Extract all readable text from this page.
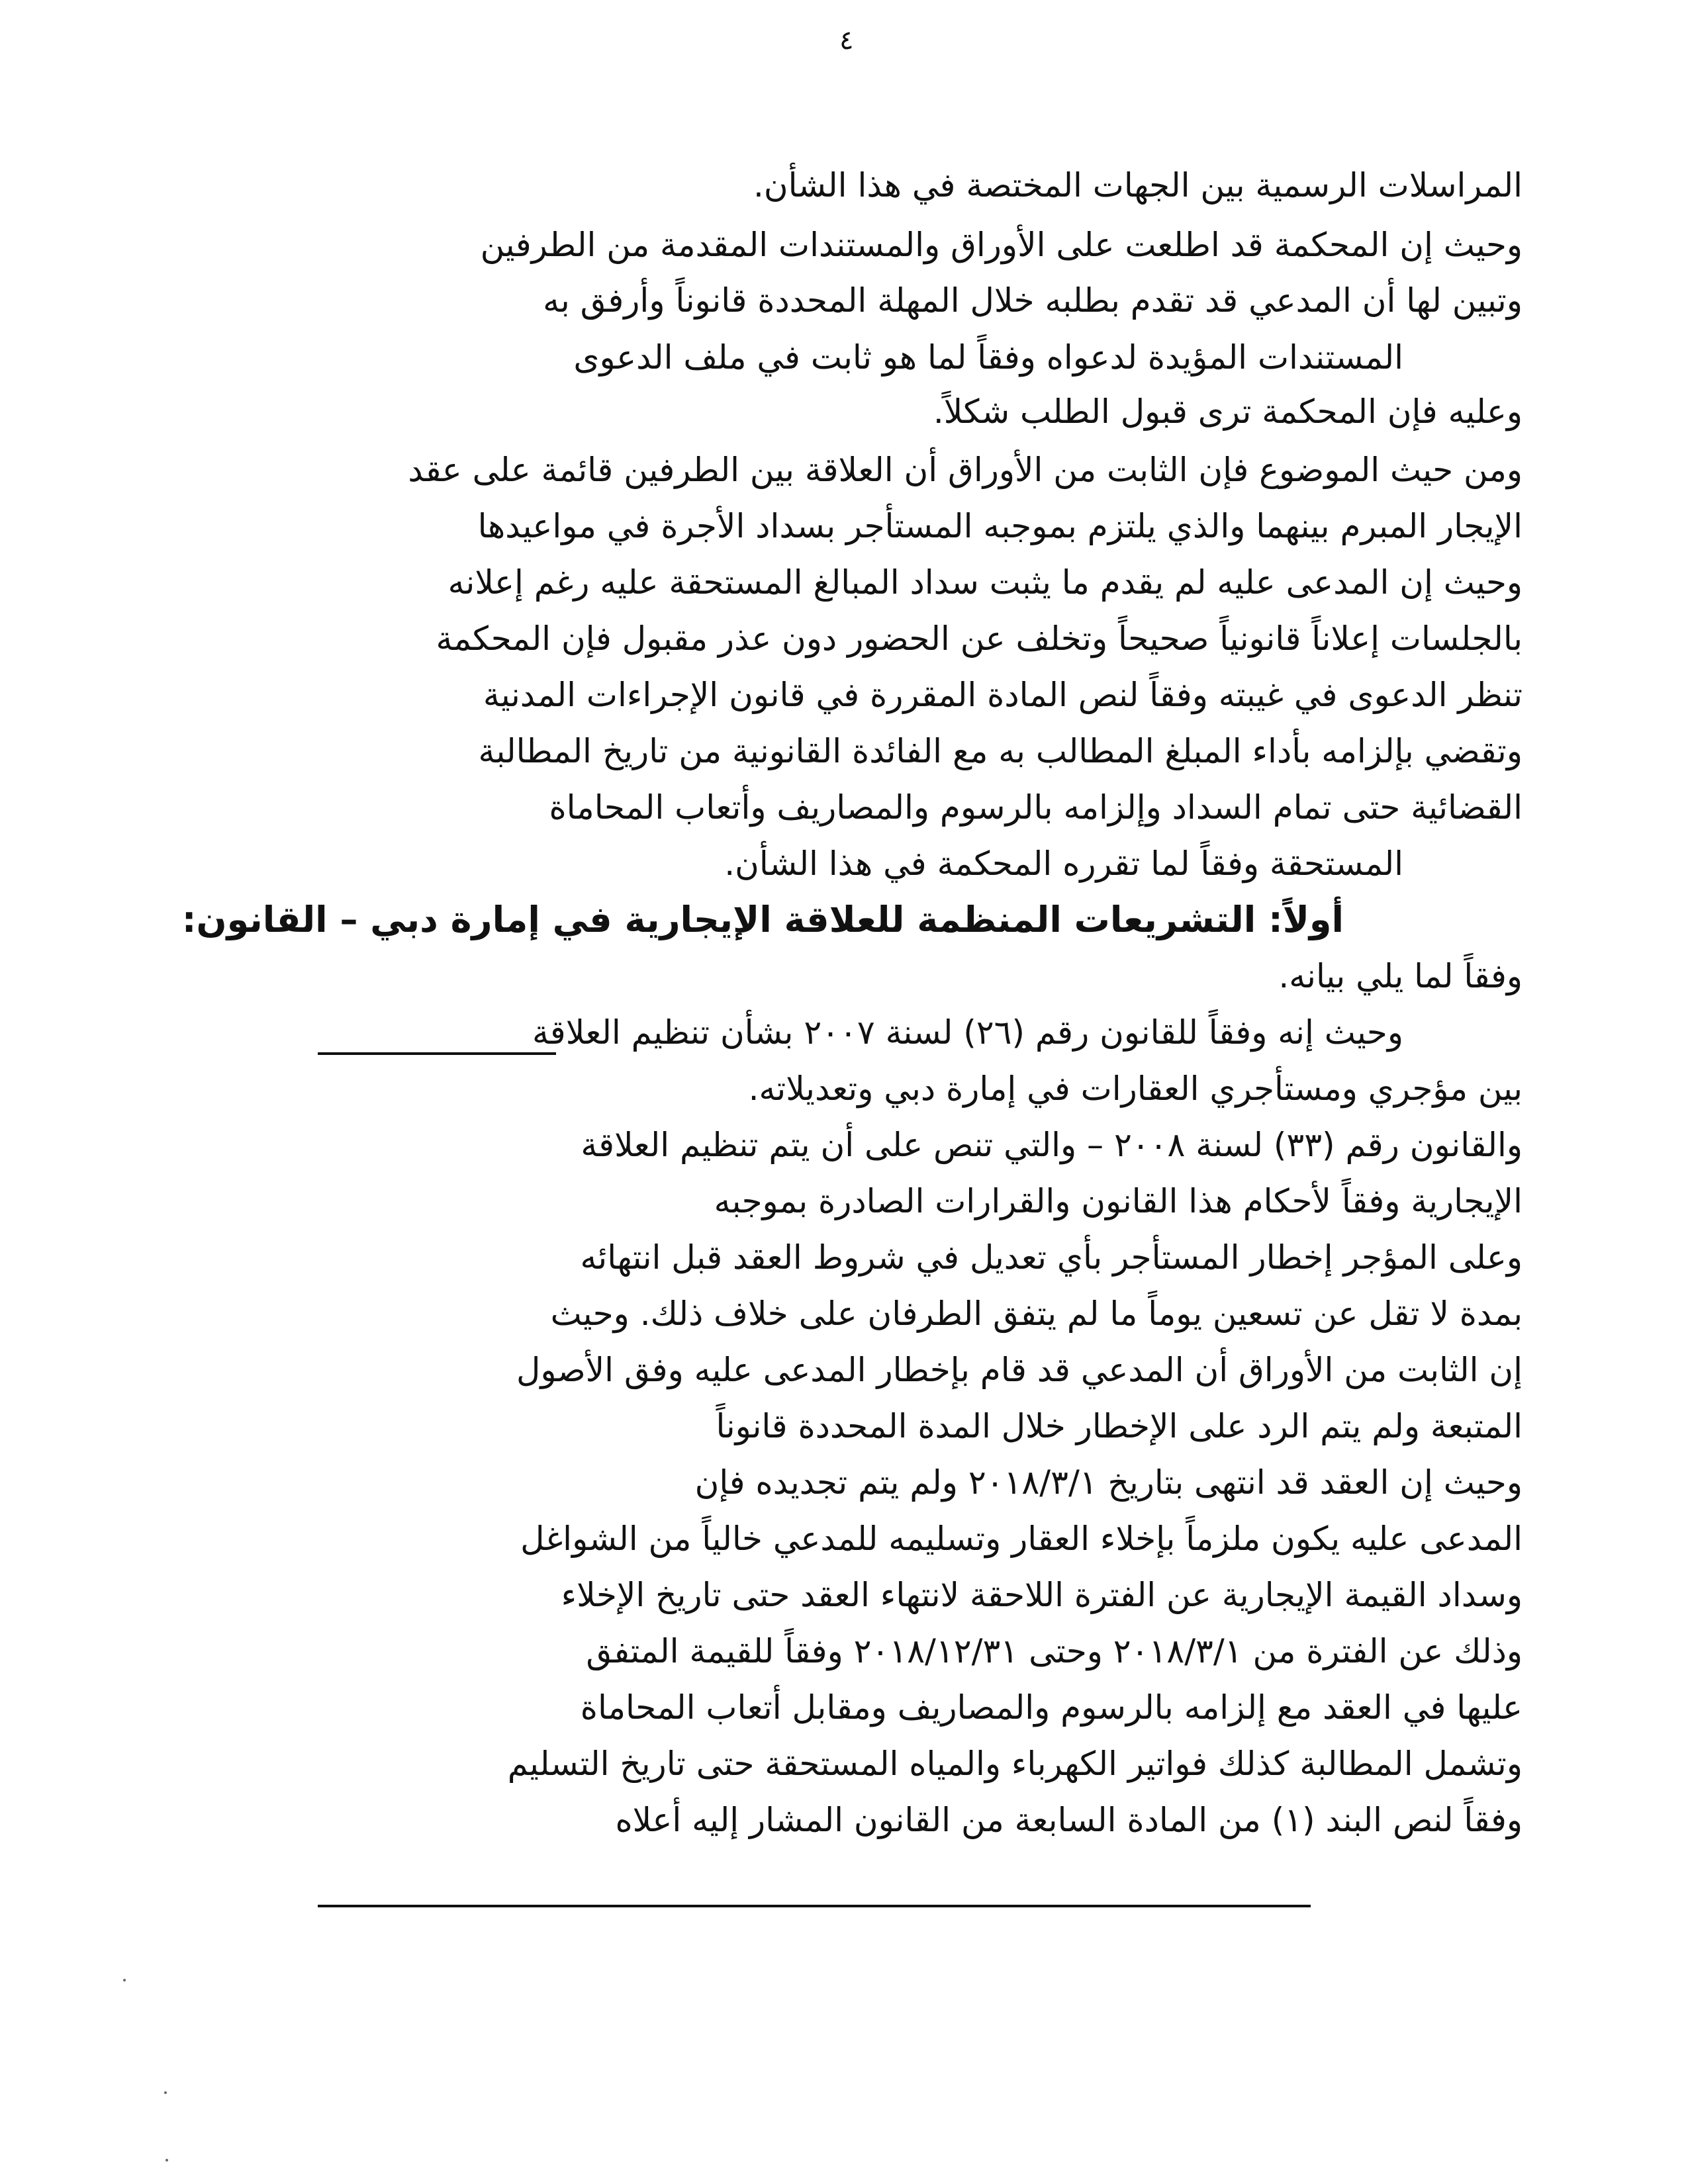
٤
ﺍﻟﻤﺮﺍﺳﻼﺕ ﺍﻟﺮﺳﻤﻴﺔ ﺑﻴﻦ ﺍﻟﺠﻬﺎﺕ ﺍﻟﻤﺨﺘﺼﺔ ﻓﻲ ﻫﺬﺍ ﺍﻟﺸﺄﻥ.
ﻭﺣﻴﺚ ﺇﻥ ﺍﻟﻤﺤﻜﻤﺔ ﻗﺪ ﺍﻃﻠﻌﺖ ﻋﻠﻰ ﺍﻷﻭﺭﺍﻕ ﻭﺍﻟﻤﺴﺘﻨﺪﺍﺕ ﺍﻟﻤﻘﺪﻣﺔ ﻣﻦ ﺍﻟﻄﺮﻓﻴﻦ
ﻭﺗﺒﻴﻦ ﻟﻬﺎ ﺃﻥ ﺍﻟﻤﺪﻋﻲ ﻗﺪ ﺗﻘﺪﻡ ﺑﻄﻠﺒﻪ ﺧﻼﻝ ﺍﻟﻤﻬﻠﺔ ﺍﻟﻤﺤﺪﺩﺓ ﻗﺎﻧﻮﻧﺎً ﻭﺃﺭﻓﻖ ﺑﻪ
ﺍﻟﻤﺴﺘﻨﺪﺍﺕ ﺍﻟﻤﺆﻳﺪﺓ ﻟﺪﻋﻮﺍﻩ ﻭﻓﻘﺎً ﻟﻤﺎ ﻫﻮ ﺛﺎﺑﺖ ﻓﻲ ﻣﻠﻒ ﺍﻟﺪﻋﻮﻯ
ﻭﻋﻠﻴﻪ ﻓﺈﻥ ﺍﻟﻤﺤﻜﻤﺔ ﺗﺮﻯ ﻗﺒﻮﻝ ﺍﻟﻄﻠﺐ ﺷﻜﻼً.
ﻭﻣﻦ ﺣﻴﺚ ﺍﻟﻤﻮﺿﻮﻉ ﻓﺈﻥ ﺍﻟﺜﺎﺑﺖ ﻣﻦ ﺍﻷﻭﺭﺍﻕ ﺃﻥ ﺍﻟﻌﻼﻗﺔ ﺑﻴﻦ ﺍﻟﻄﺮﻓﻴﻦ ﻗﺎﺋﻤﺔ ﻋﻠﻰ ﻋﻘﺪ
ﺍﻹﻳﺠﺎﺭ ﺍﻟﻤﺒﺮﻡ ﺑﻴﻨﻬﻤﺎ ﻭﺍﻟﺬﻱ ﻳﻠﺘﺰﻡ ﺑﻤﻮﺟﺒﻪ ﺍﻟﻤﺴﺘﺄﺟﺮ ﺑﺴﺪﺍﺩ ﺍﻷﺟﺮﺓ ﻓﻲ ﻣﻮﺍﻋﻴﺪﻫﺎ
ﻭﺣﻴﺚ ﺇﻥ ﺍﻟﻤﺪﻋﻰ ﻋﻠﻴﻪ ﻟﻢ ﻳﻘﺪﻡ ﻣﺎ ﻳﺜﺒﺖ ﺳﺪﺍﺩ ﺍﻟﻤﺒﺎﻟﻎ ﺍﻟﻤﺴﺘﺤﻘﺔ ﻋﻠﻴﻪ ﺭﻏﻢ ﺇﻋﻼﻧﻪ
ﺑﺎﻟﺠﻠﺴﺎﺕ ﺇﻋﻼﻧﺎً ﻗﺎﻧﻮﻧﻴﺎً ﺻﺤﻴﺤﺎً ﻭﺗﺨﻠﻒ ﻋﻦ ﺍﻟﺤﻀﻮﺭ ﺩﻭﻥ ﻋﺬﺭ ﻣﻘﺒﻮﻝ ﻓﺈﻥ ﺍﻟﻤﺤﻜﻤﺔ
ﺗﻨﻈﺮ ﺍﻟﺪﻋﻮﻯ ﻓﻲ ﻏﻴﺒﺘﻪ ﻭﻓﻘﺎً ﻟﻨﺺ ﺍﻟﻤﺎﺩﺓ ﺍﻟﻤﻘﺮﺭﺓ ﻓﻲ ﻗﺎﻧﻮﻥ ﺍﻹﺟﺮﺍﺀﺍﺕ ﺍﻟﻤﺪﻧﻴﺔ
ﻭﺗﻘﻀﻲ ﺑﺈﻟﺰﺍﻣﻪ ﺑﺄﺩﺍﺀ ﺍﻟﻤﺒﻠﻎ ﺍﻟﻤﻄﺎﻟﺐ ﺑﻪ ﻣﻊ ﺍﻟﻔﺎﺋﺪﺓ ﺍﻟﻘﺎﻧﻮﻧﻴﺔ ﻣﻦ ﺗﺎﺭﻳﺦ ﺍﻟﻤﻄﺎﻟﺒﺔ
ﺍﻟﻘﻀﺎﺋﻴﺔ ﺣﺘﻰ ﺗﻤﺎﻡ ﺍﻟﺴﺪﺍﺩ ﻭﺇﻟﺰﺍﻣﻪ ﺑﺎﻟﺮﺳﻮﻡ ﻭﺍﻟﻤﺼﺎﺭﻳﻒ ﻭﺃﺗﻌﺎﺏ ﺍﻟﻤﺤﺎﻣﺎﺓ
ﺍﻟﻤﺴﺘﺤﻘﺔ ﻭﻓﻘﺎً ﻟﻤﺎ ﺗﻘﺮﺭﻩ ﺍﻟﻤﺤﻜﻤﺔ ﻓﻲ ﻫﺬﺍ ﺍﻟﺸﺄﻥ.
ﺃﻭﻻً: ﺍﻟﺘﺸﺮﻳﻌﺎﺕ ﺍﻟﻤﻨﻈﻤﺔ ﻟﻠﻌﻼﻗﺔ ﺍﻹﻳﺠﺎﺭﻳﺔ ﻓﻲ ﺇﻣﺎﺭﺓ ﺩﺑﻲ – ﺍﻟﻘﺎﻧﻮﻥ:
ﻭﻓﻘﺎً ﻟﻤﺎ ﻳﻠﻲ ﺑﻴﺎﻧﻪ.
ﻭﺣﻴﺚ ﺇﻧﻪ ﻭﻓﻘﺎً ﻟﻠﻘﺎﻧﻮﻥ ﺭﻗﻢ (٢٦) ﻟﺴﻨﺔ ٢٠٠٧ ﺑﺸﺄﻥ ﺗﻨﻈﻴﻢ ﺍﻟﻌﻼﻗﺔ
ﺑﻴﻦ ﻣﺆﺟﺮﻱ ﻭﻣﺴﺘﺄﺟﺮﻱ ﺍﻟﻌﻘﺎﺭﺍﺕ ﻓﻲ ﺇﻣﺎﺭﺓ ﺩﺑﻲ ﻭﺗﻌﺪﻳﻼﺗﻪ.
ﻭﺍﻟﻘﺎﻧﻮﻥ ﺭﻗﻢ (٣٣) ﻟﺴﻨﺔ ٢٠٠٨ – ﻭﺍﻟﺘﻲ ﺗﻨﺺ ﻋﻠﻰ ﺃﻥ ﻳﺘﻢ ﺗﻨﻈﻴﻢ ﺍﻟﻌﻼﻗﺔ
ﺍﻹﻳﺠﺎﺭﻳﺔ ﻭﻓﻘﺎً ﻷﺣﻜﺎﻡ ﻫﺬﺍ ﺍﻟﻘﺎﻧﻮﻥ ﻭﺍﻟﻘﺮﺍﺭﺍﺕ ﺍﻟﺼﺎﺩﺭﺓ ﺑﻤﻮﺟﺒﻪ
ﻭﻋﻠﻰ ﺍﻟﻤﺆﺟﺮ ﺇﺧﻄﺎﺭ ﺍﻟﻤﺴﺘﺄﺟﺮ ﺑﺄﻱ ﺗﻌﺪﻳﻞ ﻓﻲ ﺷﺮﻭﻁ ﺍﻟﻌﻘﺪ ﻗﺒﻞ ﺍﻧﺘﻬﺎﺋﻪ
ﺑﻤﺪﺓ ﻻ ﺗﻘﻞ ﻋﻦ ﺗﺴﻌﻴﻦ ﻳﻮﻣﺎً ﻣﺎ ﻟﻢ ﻳﺘﻔﻖ ﺍﻟﻄﺮﻓﺎﻥ ﻋﻠﻰ ﺧﻼﻑ ﺫﻟﻚ. ﻭﺣﻴﺚ
ﺇﻥ ﺍﻟﺜﺎﺑﺖ ﻣﻦ ﺍﻷﻭﺭﺍﻕ ﺃﻥ ﺍﻟﻤﺪﻋﻲ ﻗﺪ ﻗﺎﻡ ﺑﺈﺧﻄﺎﺭ ﺍﻟﻤﺪﻋﻰ ﻋﻠﻴﻪ ﻭﻓﻖ ﺍﻷﺻﻮﻝ
ﺍﻟﻤﺘﺒﻌﺔ ﻭﻟﻢ ﻳﺘﻢ ﺍﻟﺮﺩ ﻋﻠﻰ ﺍﻹﺧﻄﺎﺭ ﺧﻼﻝ ﺍﻟﻤﺪﺓ ﺍﻟﻤﺤﺪﺩﺓ ﻗﺎﻧﻮﻧﺎً
ﻭﺣﻴﺚ ﺇﻥ ﺍﻟﻌﻘﺪ ﻗﺪ ﺍﻧﺘﻬﻰ ﺑﺘﺎﺭﻳﺦ ٢٠١٨/٣/١ ﻭﻟﻢ ﻳﺘﻢ ﺗﺠﺪﻳﺪﻩ ﻓﺈﻥ
ﺍﻟﻤﺪﻋﻰ ﻋﻠﻴﻪ ﻳﻜﻮﻥ ﻣﻠﺰﻣﺎً ﺑﺈﺧﻼﺀ ﺍﻟﻌﻘﺎﺭ ﻭﺗﺴﻠﻴﻤﻪ ﻟﻠﻤﺪﻋﻲ ﺧﺎﻟﻴﺎً ﻣﻦ ﺍﻟﺸﻮﺍﻏﻞ
ﻭﺳﺪﺍﺩ ﺍﻟﻘﻴﻤﺔ ﺍﻹﻳﺠﺎﺭﻳﺔ ﻋﻦ ﺍﻟﻔﺘﺮﺓ ﺍﻟﻼﺣﻘﺔ ﻻﻧﺘﻬﺎﺀ ﺍﻟﻌﻘﺪ ﺣﺘﻰ ﺗﺎﺭﻳﺦ ﺍﻹﺧﻼﺀ
ﻭﺫﻟﻚ ﻋﻦ ﺍﻟﻔﺘﺮﺓ ﻣﻦ ٢٠١٨/٣/١ ﻭﺣﺘﻰ ٢٠١٨/١٢/٣١ ﻭﻓﻘﺎً ﻟﻠﻘﻴﻤﺔ ﺍﻟﻤﺘﻔﻖ
ﻋﻠﻴﻬﺎ ﻓﻲ ﺍﻟﻌﻘﺪ ﻣﻊ ﺇﻟﺰﺍﻣﻪ ﺑﺎﻟﺮﺳﻮﻡ ﻭﺍﻟﻤﺼﺎﺭﻳﻒ ﻭﻣﻘﺎﺑﻞ ﺃﺗﻌﺎﺏ ﺍﻟﻤﺤﺎﻣﺎﺓ
ﻭﺗﺸﻤﻞ ﺍﻟﻤﻄﺎﻟﺒﺔ ﻛﺬﻟﻚ ﻓﻮﺍﺗﻴﺮ ﺍﻟﻜﻬﺮﺑﺎﺀ ﻭﺍﻟﻤﻴﺎﻩ ﺍﻟﻤﺴﺘﺤﻘﺔ ﺣﺘﻰ ﺗﺎﺭﻳﺦ ﺍﻟﺘﺴﻠﻴﻢ
ﻭﻓﻘﺎً ﻟﻨﺺ ﺍﻟﺒﻨﺪ (١) ﻣﻦ ﺍﻟﻤﺎﺩﺓ ﺍﻟﺴﺎﺑﻌﺔ ﻣﻦ ﺍﻟﻘﺎﻧﻮﻥ ﺍﻟﻤﺸﺎﺭ ﺇﻟﻴﻪ ﺃﻋﻼﻩ
